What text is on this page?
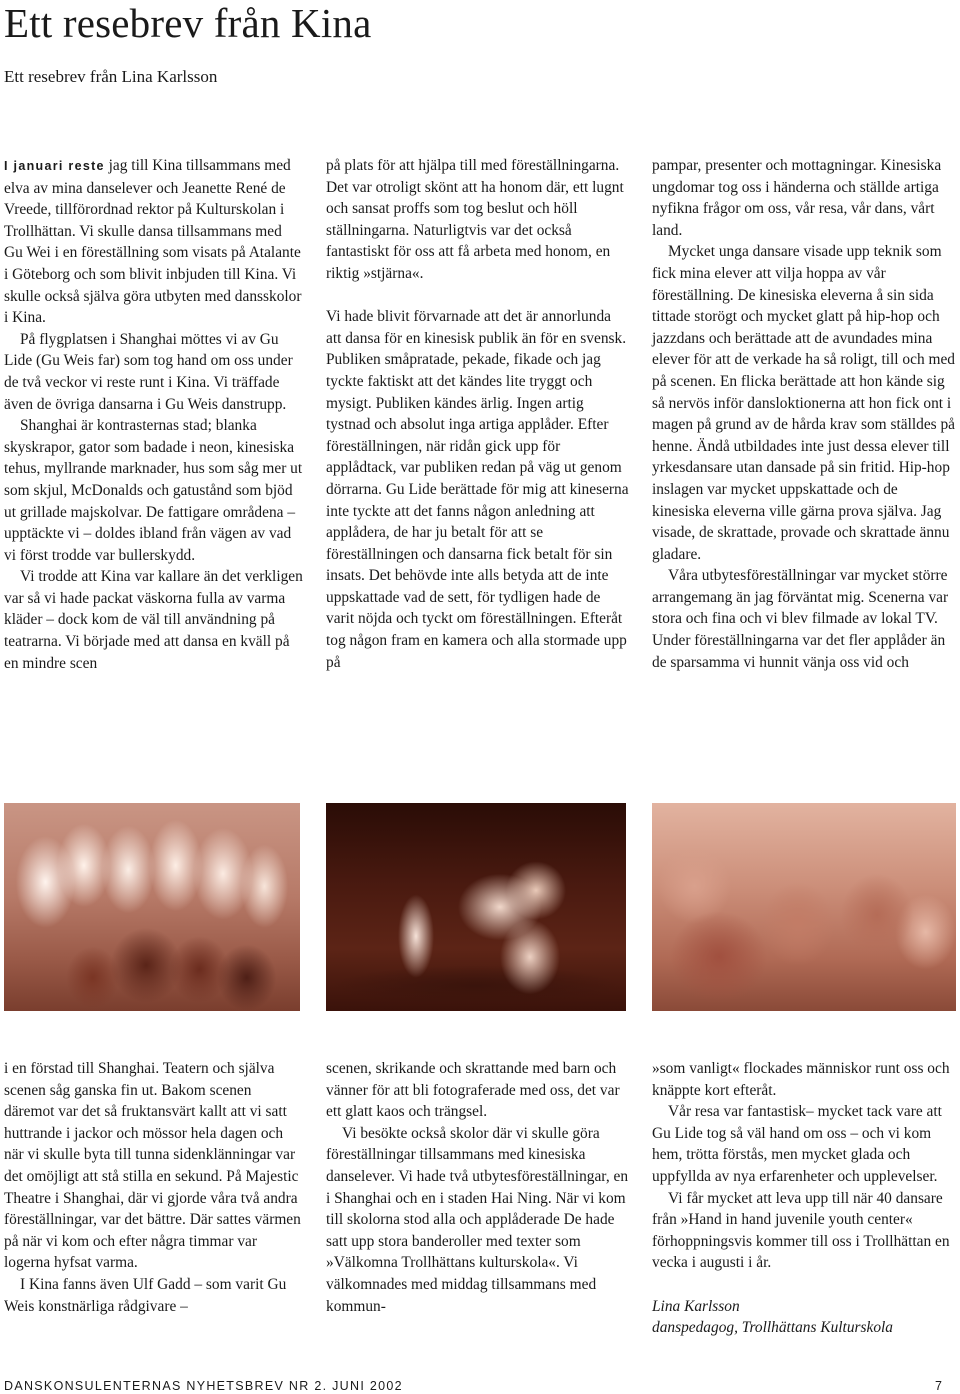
Ett resebrev från Kina
Ett resebrev från Lina Karlsson

I januari reste jag till Kina tillsammans med elva av mina danselever och Jeanette René de Vreede, tillförordnad rektor på Kulturskolan i Trollhättan. Vi skulle dansa tillsammans med Gu Wei i en föreställning som visats på Atalante i Göteborg och som blivit inbjuden till Kina. Vi skulle också själva göra utbyten med dansskolor i Kina.

På flygplatsen i Shanghai möttes vi av Gu Lide (Gu Weis far) som tog hand om oss under de två veckor vi reste runt i Kina. Vi träffade även de övriga dansarna i Gu Weis danstrupp.

Shanghai är kontrasternas stad; blanka skyskrapor, gator som badade i neon, kinesiska tehus, myllrande marknader, hus som såg mer ut som skjul, McDonalds och gatustånd som bjöd ut grillade majskolvar. De fattigare områdena – upptäckte vi – doldes ibland från vägen av vad vi först trodde var bullerskydd.

Vi trodde att Kina var kallare än det verkligen var så vi hade packat väskorna fulla av varma kläder – dock kom de väl till användning på teatrarna. Vi började med att dansa en kväll på en mindre scen

på plats för att hjälpa till med föreställningarna. Det var otroligt skönt att ha honom där, ett lugnt och sansat proffs som tog beslut och höll ställningarna. Naturligtvis var det också fantastiskt för oss att få arbeta med honom, en riktig »stjärna«.

Vi hade blivit förvarnade att det är annorlunda att dansa för en kinesisk publik än för en svensk. Publiken småpratade, pekade, fikade och jag tyckte faktiskt att det kändes lite tryggt och mysigt. Publiken kändes ärlig. Ingen artig tystnad och absolut inga artiga applåder. Efter föreställningen, när ridån gick upp för applådtack, var publiken redan på väg ut genom dörrarna. Gu Lide berättade för mig att kineserna inte tyckte att det fanns någon anledning att applådera, de har ju betalt för att se föreställningen och dansarna fick betalt för sin insats. Det behövde inte alls betyda att de inte uppskattade vad de sett, för tydligen hade de varit nöjda och tyckt om föreställningen. Efteråt tog någon fram en kamera och alla stormade upp på

pampar, presenter och mottagningar. Kinesiska ungdomar tog oss i händerna och ställde artiga nyfikna frågor om oss, vår resa, vår dans, vårt land.

Mycket unga dansare visade upp teknik som fick mina elever att vilja hoppa av vår föreställning. De kinesiska eleverna å sin sida tittade storögt och mycket glatt på hip-hop och jazzdans och berättade att de avundades mina elever för att de verkade ha så roligt, till och med på scenen. En flicka berättade att hon kände sig så nervös inför dansloktionerna att hon fick ont i magen på grund av de hårda krav som ställdes på henne. Ändå utbildades inte just dessa elever till yrkesdansare utan dansade på sin fritid. Hip-hop inslagen var mycket uppskattade och de kinesiska eleverna ville gärna prova själva. Jag visade, de skrattade, provade och skrattade ännu gladare.

Våra utbytesföreställningar var mycket större arrangemang än jag förväntat mig. Scenerna var stora och fina och vi blev filmade av lokal TV. Under föreställningarna var det fler applåder än de sparsamma vi hunnit vänja oss vid och

i en förstad till Shanghai. Teatern och själva scenen såg ganska fin ut. Bakom scenen däremot var det så fruktansvärt kallt att vi satt huttrande i jackor och mössor hela dagen och när vi skulle byta till tunna sidenklänningar var det omöjligt att stå stilla en sekund. På Majestic Theatre i Shanghai, där vi gjorde våra två andra föreställningar, var det bättre. Där sattes värmen på när vi kom och efter några timmar var logerna hyfsat varma.

I Kina fanns även Ulf Gadd – som varit Gu Weis konstnärliga rådgivare –

scenen, skrikande och skrattande med barn och vänner för att bli fotograferade med oss, det var ett glatt kaos och trängsel.

Vi besökte också skolor där vi skulle göra föreställningar tillsammans med kinesiska danselever. Vi hade två utbytesföreställningar, en i Shanghai och en i staden Hai Ning. När vi kom till skolorna stod alla och applåderade De hade satt upp stora banderoller med texter som »Välkomna Trollhättans kulturskola«. Vi välkomnades med middag tillsammans med kommun-

»som vanligt« flockades människor runt oss och knäppte kort efteråt.

Vår resa var fantastisk– mycket tack vare att Gu Lide tog så väl hand om oss – och vi kom hem, trötta förstås, men mycket glada och uppfyllda av nya erfarenheter och upplevelser.

Vi får mycket att leva upp till när 40 dansare från »Hand in hand juvenile youth center« förhoppningsvis kommer till oss i Trollhättan en vecka i augusti i år.

Lina Karlsson
danspedagog, Trollhättans Kulturskola

DANSKONSULENTERNAS NYHETSBREV NR 2. JUNI 2002	7
